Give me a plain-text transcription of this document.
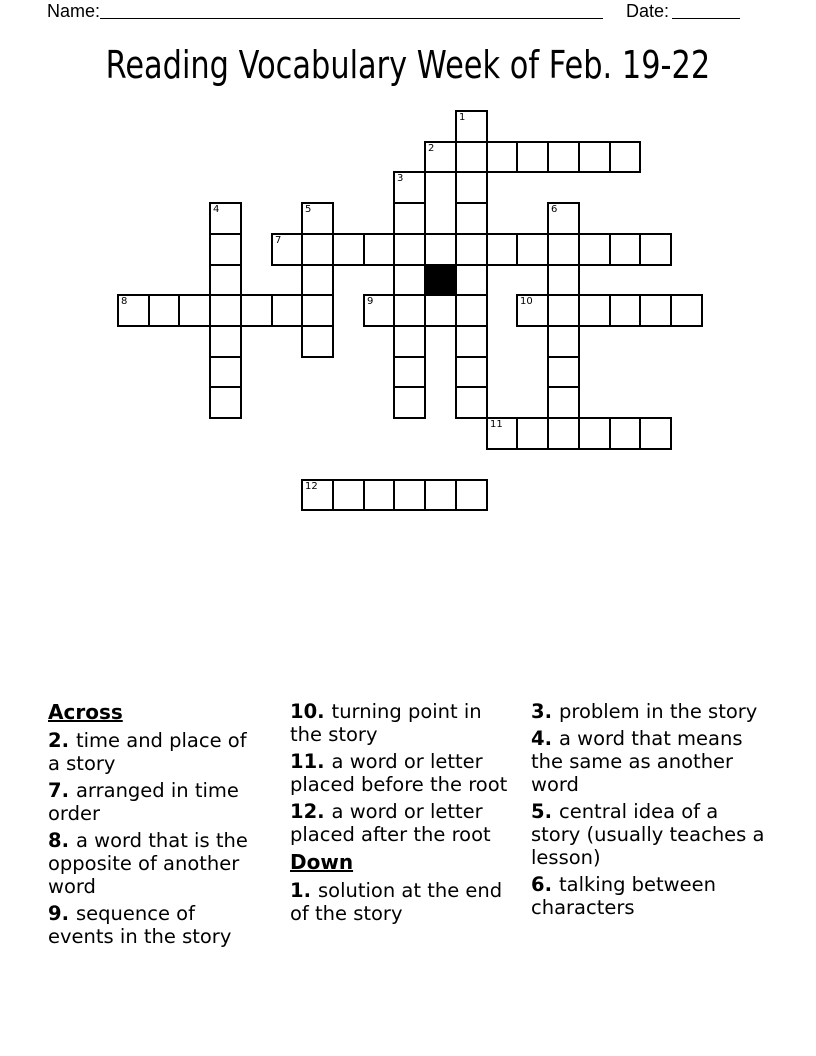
Name:	Date:
Reading Vocabulary Week of Feb. 19-22
1
2
3
4	5	6
7
8	9	10
11
12
Across

2. time and place of a story

7. arranged in time order

8. a word that is the opposite of another word

9. sequence of events in the story

10. turning point in the story

11. a word or letter placed before the root

12. a word or letter placed after the root

Down

1. solution at the end of the story

3. problem in the story

4. a word that means the same as another word

5. central idea of a story (usually teaches a lesson)

6. talking between characters
